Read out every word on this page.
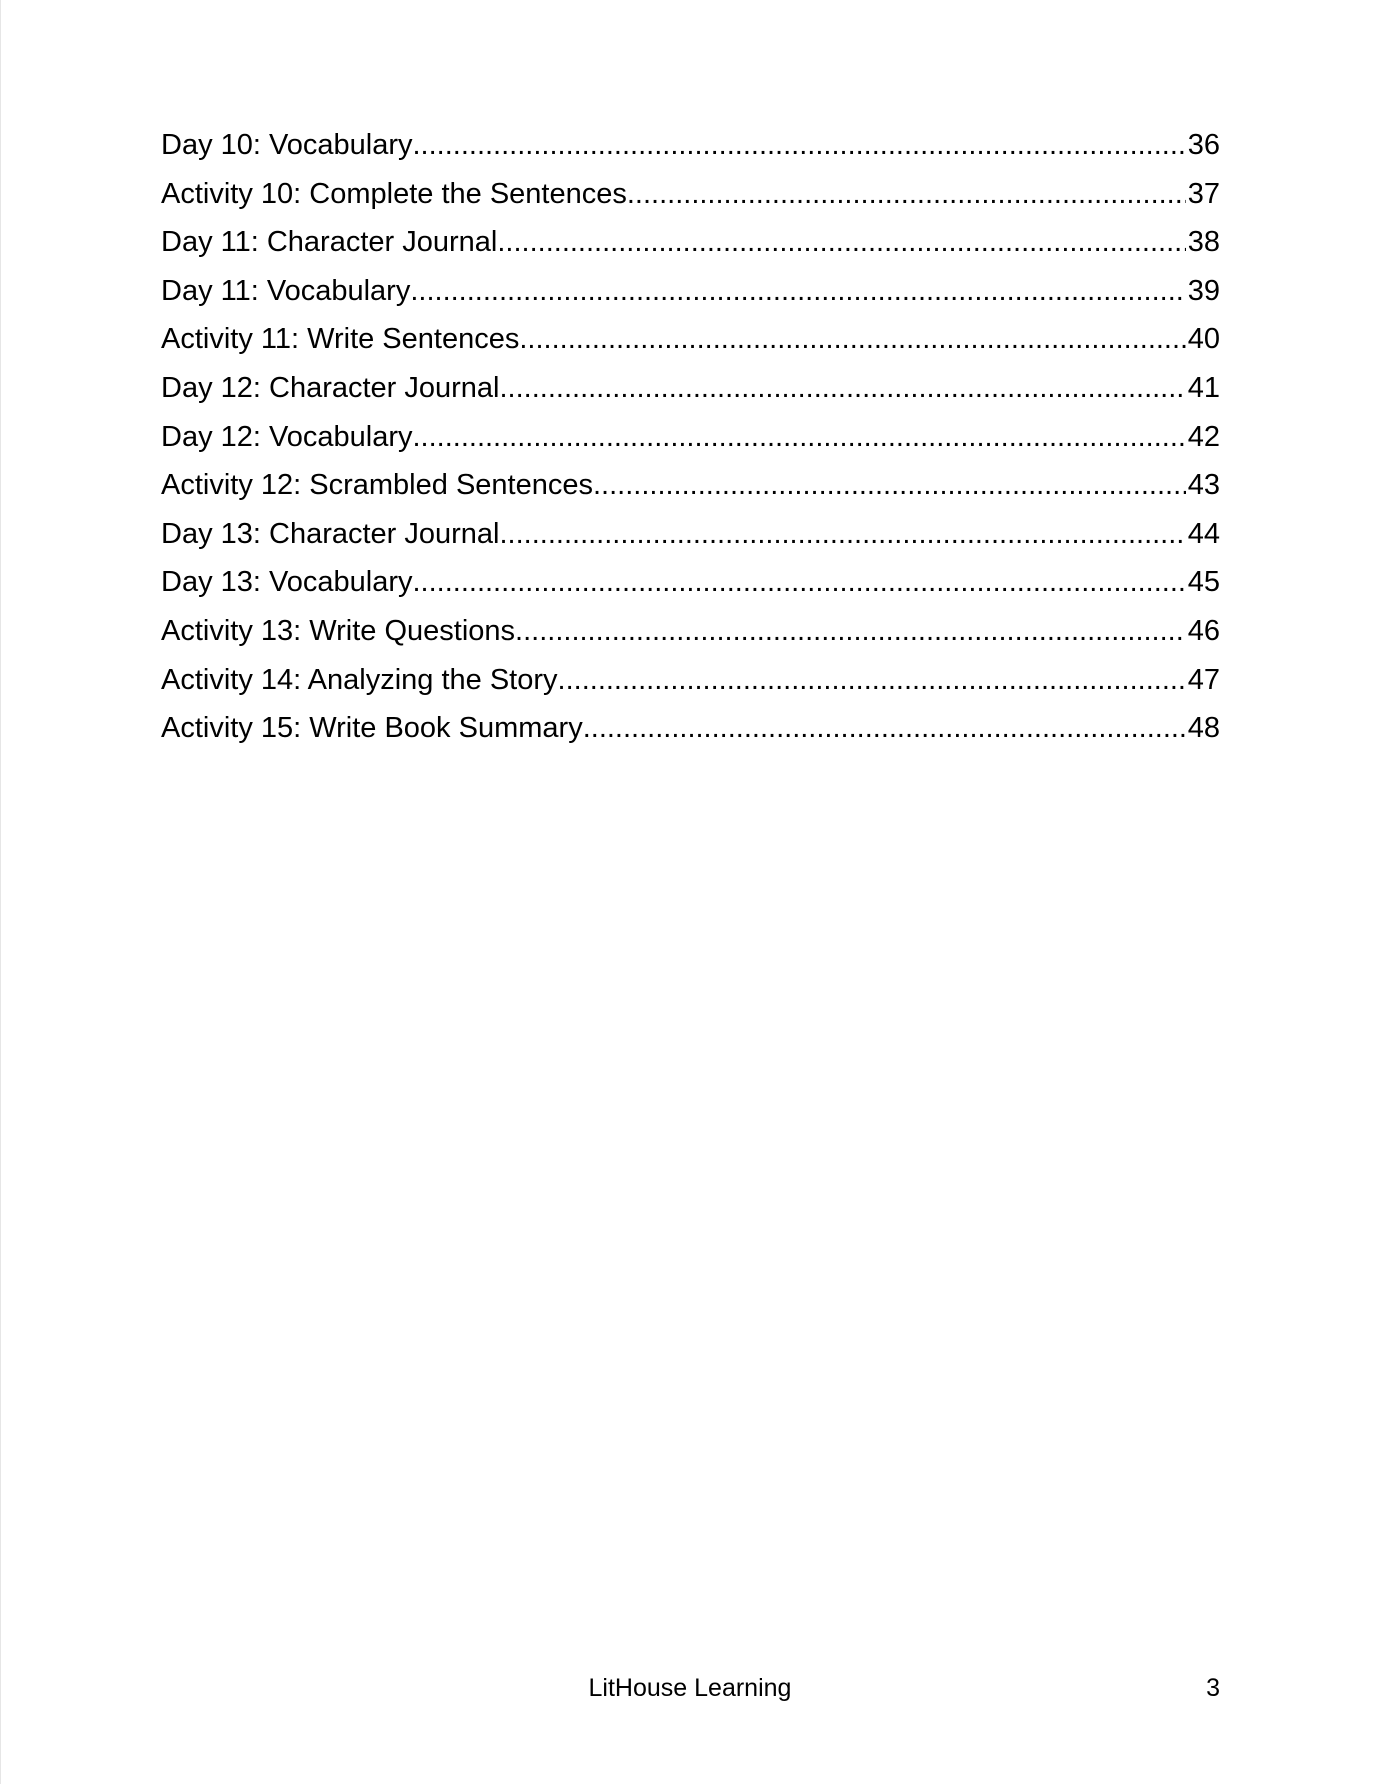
Day 10: Vocabulary .....	36
Activity 10: Complete the Sentences .....	37
Day 11: Character Journal .....	38
Day 11: Vocabulary .....	39
Activity 11: Write Sentences .....	40
Day 12: Character Journal .....	41
Day 12: Vocabulary .....	42
Activity 12: Scrambled Sentences .....	43
Day 13: Character Journal .....	44
Day 13: Vocabulary .....	45
Activity 13: Write Questions .....	46
Activity 14: Analyzing the Story .....	47
Activity 15: Write Book Summary .....	48
LitHouse Learning	3
